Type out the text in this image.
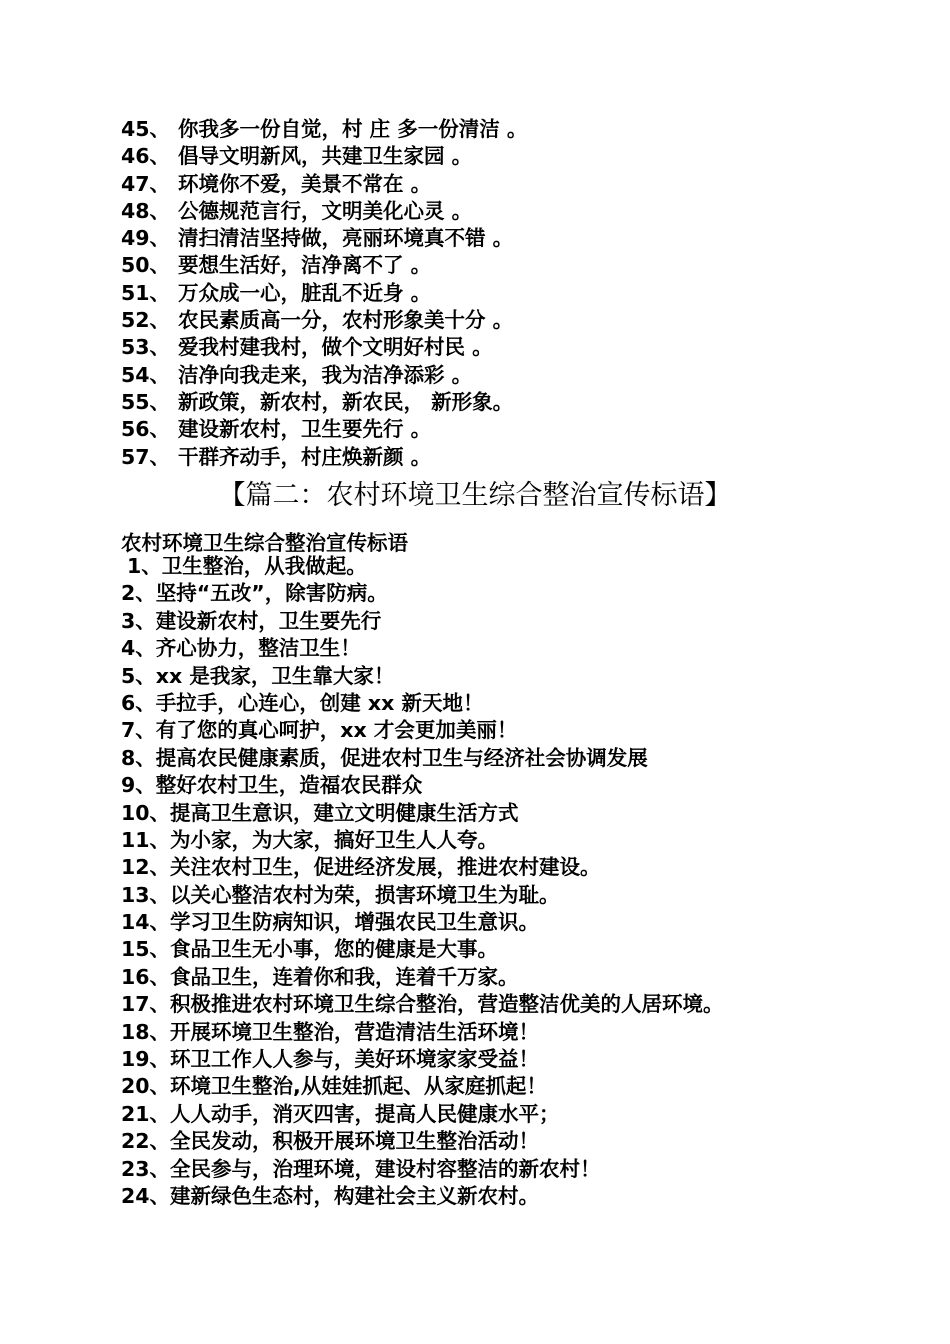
45、 你我多一份自觉，村 庄 多一份清洁 。
46、 倡导文明新风，共建卫生家园 。
47、 环境你不爱，美景不常在 。
48、 公德规范言行，文明美化心灵 。
49、 清扫清洁坚持做，亮丽环境真不错 。
50、 要想生活好，洁净离不了 。
51、 万众成一心，脏乱不近身 。
52、 农民素质高一分，农村形象美十分 。
53、 爱我村建我村，做个文明好村民 。
54、 洁净向我走来，我为洁净添彩 。
55、 新政策，新农村，新农民， 新形象。
56、 建设新农村，卫生要先行 。
57、 干群齐动手，村庄焕新颜 。
【篇二：农村环境卫生综合整治宣传标语】
农村环境卫生综合整治宣传标语
1、卫生整治，从我做起。
2、坚持“五改”，除害防病。
3、建设新农村，卫生要先行
4、齐心协力，整洁卫生！
5、xx 是我家，卫生靠大家！
6、手拉手，心连心，创建 xx 新天地！
7、有了您的真心呵护，xx 才会更加美丽！
8、提高农民健康素质，促进农村卫生与经济社会协调发展
9、整好农村卫生，造福农民群众
10、提高卫生意识，建立文明健康生活方式
11、为小家，为大家，搞好卫生人人夸。
12、关注农村卫生，促进经济发展，推进农村建设。
13、以关心整洁农村为荣，损害环境卫生为耻。
14、学习卫生防病知识，增强农民卫生意识。
15、食品卫生无小事，您的健康是大事。
16、食品卫生，连着你和我，连着千万家。
17、积极推进农村环境卫生综合整治，营造整洁优美的人居环境。
18、开展环境卫生整治，营造清洁生活环境！
19、环卫工作人人参与，美好环境家家受益！
20、环境卫生整治,从娃娃抓起、从家庭抓起！
21、人人动手，消灭四害，提高人民健康水平；
22、全民发动，积极开展环境卫生整治活动！
23、全民参与，治理环境，建设村容整洁的新农村！
24、建新绿色生态村，构建社会主义新农村。
